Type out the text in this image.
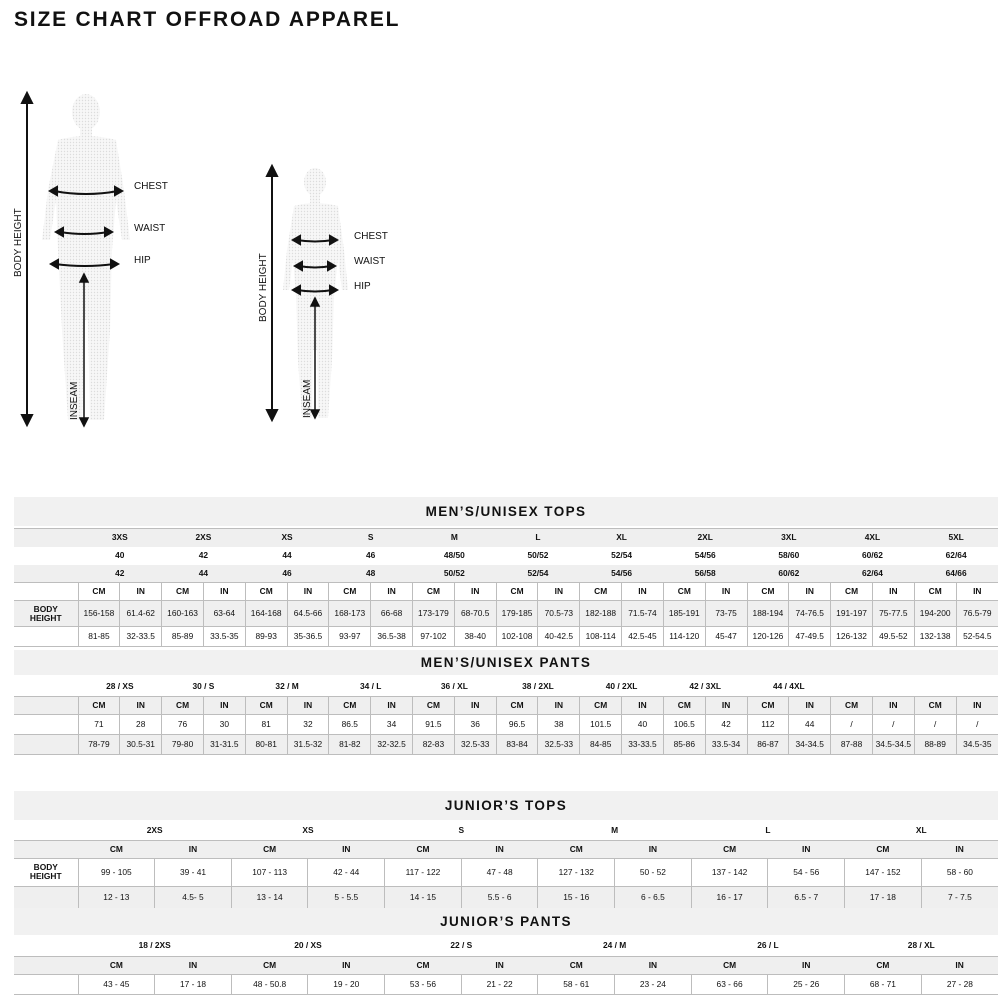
SIZE CHART OFFROAD APPAREL
CHEST
WAIST
HIP
BODY HEIGHT
INSEAM
CHEST
WAIST
HIP
BODY HEIGHT
INSEAM
MEN’S/UNISEX TOPS
	3XS		2XS		XS		S		M		L		XL		2XL		3XL		4XL		5XL	
	40		42		44		46		48/50		50/52		52/54		54/56		58/60		60/62		62/64	
	42		44		46		48		50/52		52/54		54/56		56/58		60/62		62/64		64/66	
	CM	IN	CM	IN	CM	IN	CM	IN	CM	IN	CM	IN	CM	IN	CM	IN	CM	IN	CM	IN	CM	IN
BODY
HEIGHT	156-158	61.4-62	160-163	63-64	164-168	64.5-66	168-173	66-68	173-179	68-70.5	179-185	70.5-73	182-188	71.5-74	185-191	73-75	188-194	74-76.5	191-197	75-77.5	194-200	76.5-79
	81-85	32-33.5	85-89	33.5-35	89-93	35-36.5	93-97	36.5-38	97-102	38-40	102-108	40-42.5	108-114	42.5-45	114-120	45-47	120-126	47-49.5	126-132	49.5-52	132-138	52-54.5
MEN’S/UNISEX PANTS
	28 / XS		30 / S		32 / M		34 / L		36 / XL		38 / 2XL		40 / 2XL		42 / 3XL		44 / 4XL					
	CM	IN	CM	IN	CM	IN	CM	IN	CM	IN	CM	IN	CM	IN	CM	IN	CM	IN	CM	IN	CM	IN
	71	28	76	30	81	32	86.5	34	91.5	36	96.5	38	101.5	40	106.5	42	112	44	/	/	/	/
	78-79	30.5-31	79-80	31-31.5	80-81	31.5-32	81-82	32-32.5	82-83	32.5-33	83-84	32.5-33	84-85	33-33.5	85-86	33.5-34	86-87	34-34.5	87-88	34.5-34.5	88-89	34.5-35
JUNIOR’S TOPS
	2XS		XS		S		M		L		XL	
	CM	IN	CM	IN	CM	IN	CM	IN	CM	IN	CM	IN
BODY
HEIGHT	99 - 105	39 - 41	107 - 113	42 - 44	117 - 122	47 - 48	127 - 132	50 - 52	137 - 142	54 - 56	147 - 152	58 - 60
	12 - 13	4.5- 5	13 - 14	5 - 5.5	14 - 15	5.5 - 6	15 - 16	6 - 6.5	16 - 17	6.5 - 7	17 - 18	7 - 7.5
JUNIOR’S PANTS
	18 / 2XS		20 / XS		22 / S		24 / M		26 / L		28 / XL	
	CM	IN	CM	IN	CM	IN	CM	IN	CM	IN	CM	IN
	43 - 45	17 - 18	48 - 50.8	19 - 20	53 - 56	21 - 22	58 - 61	23 - 24	63 - 66	25 - 26	68 - 71	27 - 28
